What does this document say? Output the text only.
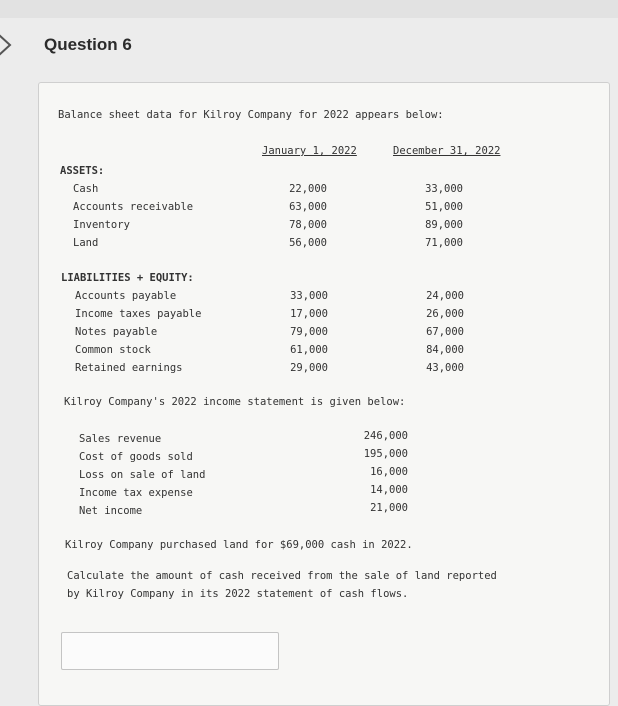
Question 6
Balance sheet data for Kilroy Company for 2022 appears below:
January 1, 2022	December 31, 2022
ASSETS:
Cash	22,000	33,000
Accounts receivable	63,000	51,000
Inventory	78,000	89,000
Land	56,000	71,000
LIABILITIES + EQUITY:
Accounts payable	33,000	24,000
Income taxes payable	17,000	26,000
Notes payable	79,000	67,000
Common stock	61,000	84,000
Retained earnings	29,000	43,000
Kilroy Company's 2022 income statement is given below:
Sales revenue	246,000
Cost of goods sold	195,000
Loss on sale of land	16,000
Income tax expense	14,000
Net income	21,000
Kilroy Company purchased land for $69,000 cash in 2022.
Calculate the amount of cash received from the sale of land reported
by Kilroy Company in its 2022 statement of cash flows.
